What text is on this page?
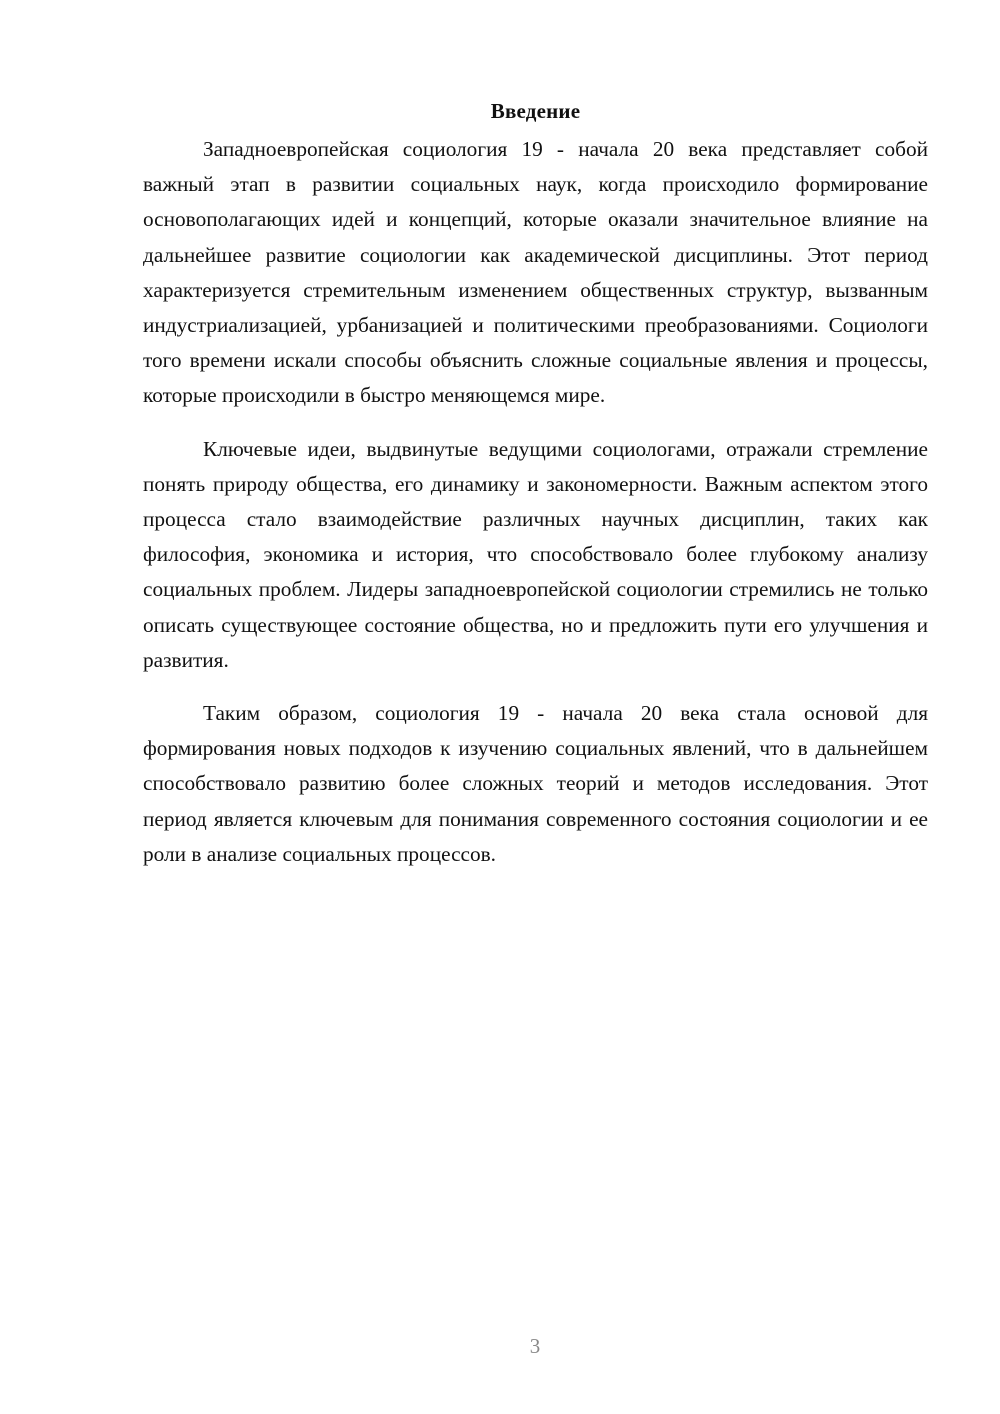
Введение

Западноевропейская социология 19 - начала 20 века представляет собой важный этап в развитии социальных наук, когда происходило формирование основополагающих идей и концепций, которые оказали значительное влияние на дальнейшее развитие социологии как академической дисциплины. Этот период характеризуется стремительным изменением общественных структур, вызванным индустриализацией, урбанизацией и политическими преобразованиями. Социологи того времени искали способы объяснить сложные социальные явления и процессы, которые происходили в быстро меняющемся мире.

Ключевые идеи, выдвинутые ведущими социологами, отражали стремление понять природу общества, его динамику и закономерности. Важным аспектом этого процесса стало взаимодействие различных научных дисциплин, таких как философия, экономика и история, что способствовало более глубокому анализу социальных проблем. Лидеры западноевропейской социологии стремились не только описать существующее состояние общества, но и предложить пути его улучшения и развития.

Таким образом, социология 19 - начала 20 века стала основой для формирования новых подходов к изучению социальных явлений, что в дальнейшем способствовало развитию более сложных теорий и методов исследования. Этот период является ключевым для понимания современного состояния социологии и ее роли в анализе социальных процессов.

3
